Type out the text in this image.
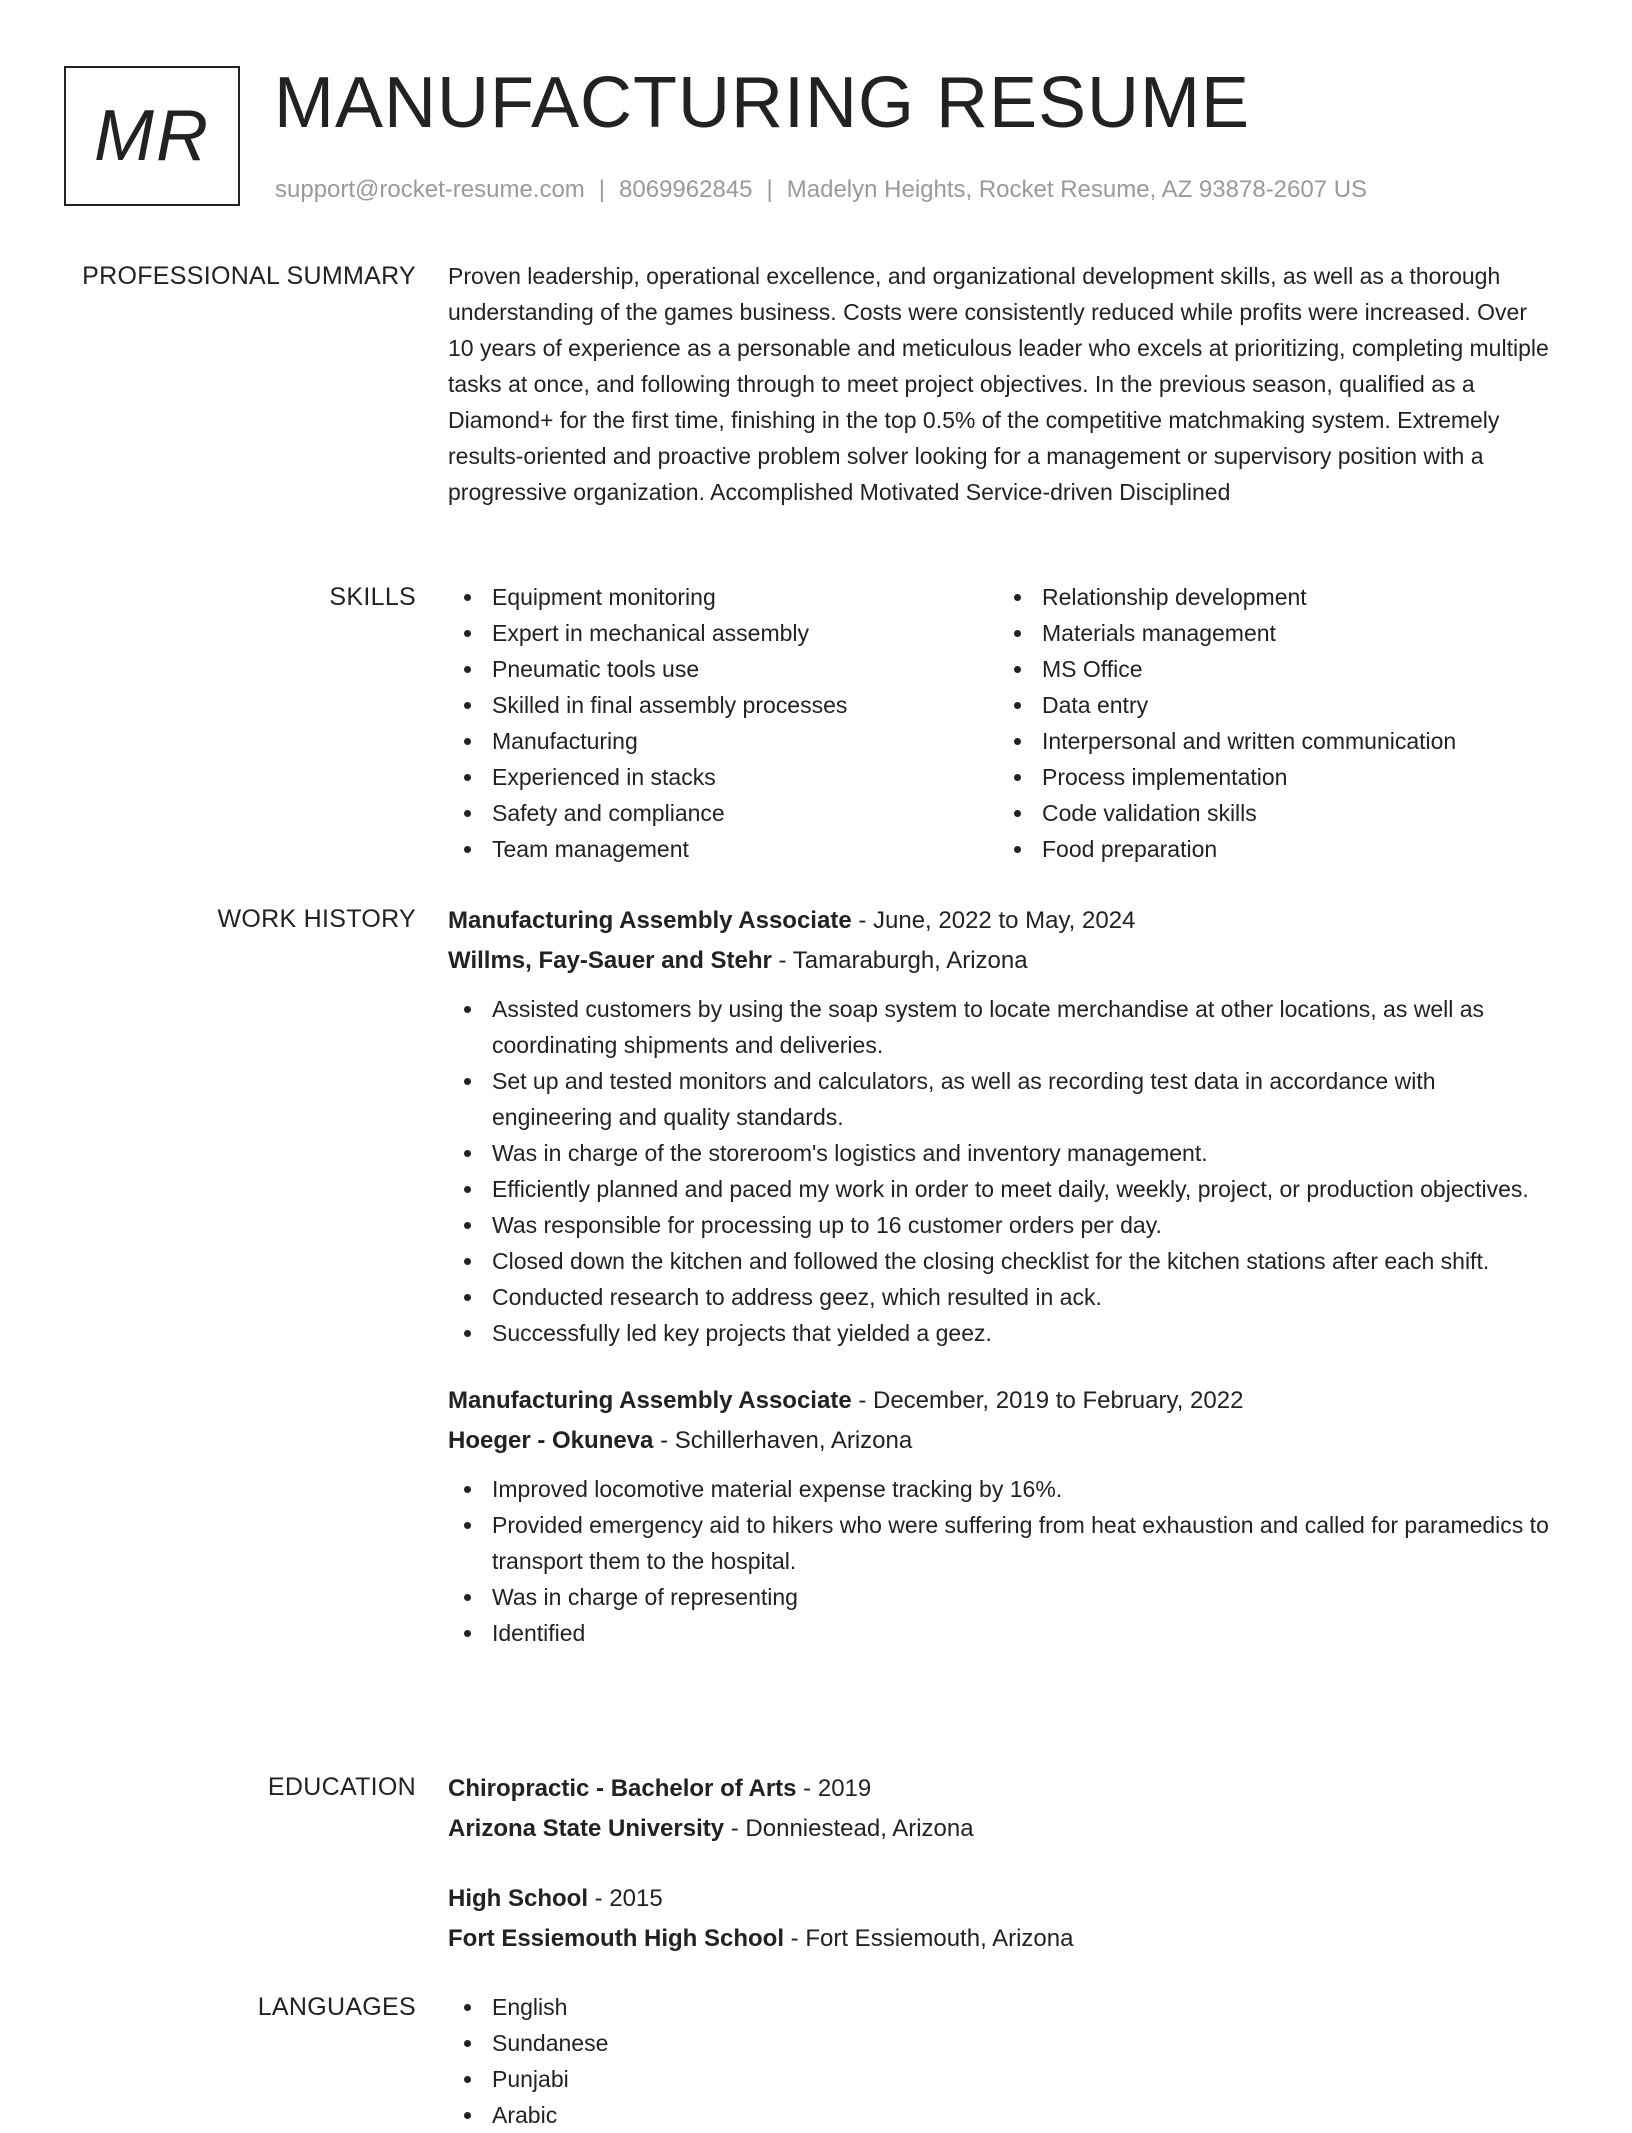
MR MANUFACTURING RESUME
support@rocket-resume.com | 8069962845 | Madelyn Heights, Rocket Resume, AZ 93878-2607 US
PROFESSIONAL SUMMARY Proven leadership, operational excellence, and organizational development skills, as well as a thorough understanding of the games business. Costs were consistently reduced while profits were increased. Over 10 years of experience as a personable and meticulous leader who excels at prioritizing, completing multiple tasks at once, and following through to meet project objectives. In the previous season, qualified as a Diamond+ for the first time, finishing in the top 0.5% of the competitive matchmaking system. Extremely results-oriented and proactive problem solver looking for a management or supervisory position with a progressive organization. Accomplished Motivated Service-driven Disciplined

SKILLS	Equipment monitoring
Expert in mechanical assembly
Pneumatic tools use
Skilled in final assembly processes
Manufacturing
Experienced in stacks
Safety and compliance
Team management
Relationship development
Materials management
MS Office
Data entry
Interpersonal and written communication
Process implementation
Code validation skills
Food preparation
WORK HISTORY Manufacturing Assembly Associate - June, 2022 to May, 2024
Willms, Fay-Sauer and Stehr - Tamaraburgh, Arizona
Assisted customers by using the soap system to locate merchandise at other locations, as well as coordinating shipments and deliveries.
Set up and tested monitors and calculators, as well as recording test data in accordance with engineering and quality standards.
Was in charge of the storeroom's logistics and inventory management.
Efficiently planned and paced my work in order to meet daily, weekly, project, or production objectives.
Was responsible for processing up to 16 customer orders per day.
Closed down the kitchen and followed the closing checklist for the kitchen stations after each shift.
Conducted research to address geez, which resulted in ack.
Successfully led key projects that yielded a geez.
Manufacturing Assembly Associate - December, 2019 to February, 2022
Hoeger - Okuneva - Schillerhaven, Arizona
Improved locomotive material expense tracking by 16%.
Provided emergency aid to hikers who were suffering from heat exhaustion and called for paramedics to transport them to the hospital.
Was in charge of representing
Identified
EDUCATION Chiropractic - Bachelor of Arts - 2019
Arizona State University - Donniestead, Arizona
High School - 2015
Fort Essiemouth High School - Fort Essiemouth, Arizona
LANGUAGES	English
Sundanese
Punjabi
Arabic
